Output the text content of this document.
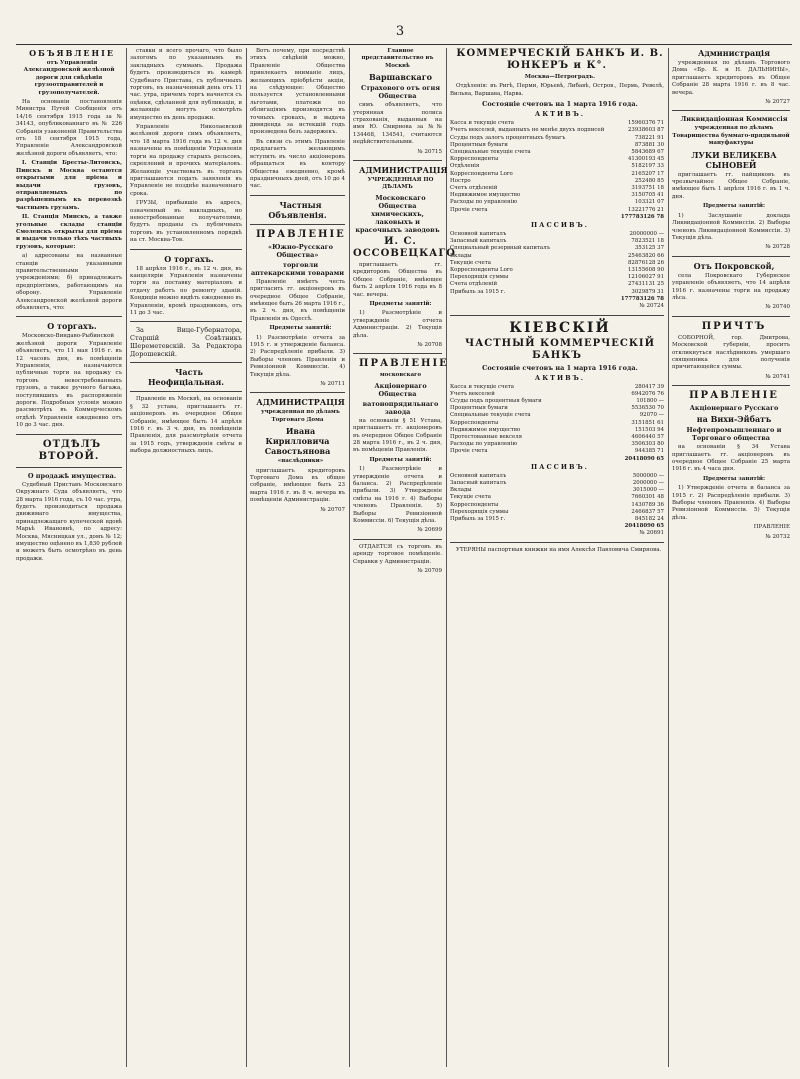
3

ОБЪЯВЛЕНІЕ

отъ Управленія Александровской желѣзной дороги для свѣдѣнія грузоотправителей и грузополучателей.

На основаніи постановленія Министра Путей Сообщенія отъ 14/16 сентября 1915 года за № 34143, опубликованнаго въ № 226 Собранія узаконеній Правительства отъ 18 сентября 1915 года, Управленіе Александровской желѣзной дороги объявляетъ, что:

I. Станціи Бресты-Литовскъ, Пинскъ и Москва остаются открытыми для пріема и выдачи грузовъ, отправляемыхъ по разрѣшеннымъ къ перевозкѣ частнымъ грузамъ.

II. Станція Минскъ, а также угольные склады станціи Смоленскъ открыты для пріема и выдачи только тѣхъ частныхъ грузовъ, которые:

а) адресованы на названные станціи указанными правительственными учрежденіями; б) принадлежатъ предпріятіямъ, работающимъ на оборону. Управленіе Александровской желѣзной дороги объявляетъ, что:

О торгахъ.

Московско-Виндаво-Рыбинской желѣзной дороги Управленіе объявляетъ, что 11 мая 1916 г. въ 12 часовъ дня, въ помѣщеніи Управленія, назначаются публичные торги на продажу съ торговъ невостребованныхъ грузовъ, а также ручного багажа, поступившихъ въ распоряженіе дороги. Подробныя условія можно разсмотрѣть въ Коммерческомъ отдѣлѣ Управленія ежедневно отъ 10 до 3 час. дня.

ОТДѢЛЪ ВТОРОЙ.

О продажѣ имущества.

Судебный Приставъ Московскаго Окружнаго Суда объявляетъ, что 28 марта 1916 года, съ 10 час. утра, будетъ производиться продажа движимаго имущества, принадлежащаго купеческой вдовѣ Марьѣ Ивановнѣ, по адресу: Москва, Мясницкая ул., домъ № 12; имущество оцѣнено въ 1,830 рублей и можетъ быть осмотрѣно въ день продажи.

ставки и всего прочаго, что было залогомъ по указаннымъ въ закладныхъ суммамъ. Продажа будетъ производиться въ камерѣ Судебнаго Пристава, съ публичныхъ торговъ, въ назначенный день отъ 11 час. утра, причемъ торгъ начнется съ оцѣнки, сдѣланной для публикаціи, и желающіе могутъ осмотрѣть имущество въ день продажи.

Управленіе Николаевской желѣзной дороги симъ объявляетъ, что 18 марта 1916 года въ 12 ч. дня назначены въ помѣщеніи Управленія торги на продажу старыхъ рельсовъ, скреплений и прочихъ матеріаловъ. Желающіе участвовать въ торгахъ приглашаются подать заявленія въ Управленіе не позднѣе назначеннаго срока.

ГРУЗЫ, прибывшіе въ адресъ, означенный въ накладныхъ, но невостребованные получателями, будутъ проданы съ публичныхъ торговъ въ установленномъ порядкѣ на ст. Москва-Тов.

О торгахъ.

18 апрѣля 1916 г., въ 12 ч. дня, въ канцеляріи Управленія назначены торги на поставку матеріаловъ и отдачу работъ по ремонту зданій. Кондиціи можно видѣть ежедневно въ Управленіи, кромѣ праздниковъ, отъ 11 до 3 час.

За Вице-Губернатора, Старшій Совѣтникъ Шереметевскій. За Редактора Дорошевскій.

Часть Неофиціальная.

Правленіе въ Москвѣ, на основаніи § 32 устава, приглашаетъ гг. акціонеровъ въ очередное Общее Собраніе, имѣющее быть 14 апрѣля 1916 г. въ 3 ч. дня, въ помѣщеніи Правленія, для разсмотрѣнія отчета за 1915 годъ, утвержденія смѣты и выбора должностныхъ лицъ.

Вотъ почему, при посредствѣ этихъ свѣдѣній можно, Правленіе Общества привлекаетъ вниманіе лицъ, желающихъ пріобрѣсти акціи, на слѣдующее: Общество пользуется установленными льготами, платежи по облигаціямъ производятся въ точныхъ срокахъ, и выдача дивиденда за истекшій годъ произведена безъ задержекъ.

Въ связи съ этимъ Правленіе предлагаетъ желающимъ вступить въ число акціонеровъ обращаться въ контору Общества ежедневно, кромѣ праздничныхъ дней, отъ 10 до 4 час.

Частныя Объявленія.

ПРАВЛЕНІЕ

«Южно-Русскаго Общества»

торговли аптекарскими товарами

Правленіе имѣетъ честь пригласить гг. акціонеровъ въ очередное Общее Собраніе, имѣющее быть 26 марта 1916 г., въ 2 ч. дня, въ помѣщеніи Правленія въ Одессѣ.

Предметы занятій:

1) Разсмотрѣніе отчета за 1915 г. и утвержденіе баланса. 2) Распредѣленіе прибыли. 3) Выборы членовъ Правленія и Ревизіонной Коммиссіи. 4) Текущія дѣла.

№ 20711

АДМИНИСТРАЦІЯ

учрежденная по дѣламъ Торговаго Дома

Ивана Кирилловича Савостьянова

«наслѣдники»

приглашаетъ кредиторовъ Торговаго Дома въ общее собраніе, имѣющее быть 23 марта 1916 г. въ 8 ч. вечера въ помѣщеніи Администраціи.

№ 20707

Главное представительство въ Москвѣ

Варшавскаго

Страхового отъ огня Общества

симъ объявляетъ, что утерянная полиса страхованія, выданныя на имя Ю. Смирнова за №№ 134468, 134541, считаются недѣйствительными.

№ 20715

АДМИНИСТРАЦІЯ

УЧРЕЖДЕННАЯ ПО ДѢЛАМЪ

Московскаго Общества химическихъ, лаковыхъ и красочныхъ заводовъ

И. С. ОССОВЕЦКАГО

приглашаетъ гг. кредиторовъ Общества въ Общее Собраніе, имѣющее быть 2 апрѣля 1916 года въ 8 час. вечера.

Предметы занятій:

1) Разсмотрѣніе и утвержденіе отчета Администраціи. 2) Текущія дѣла.

№ 20708

ПРАВЛЕНІЕ

московскаго

Акціонернаго Общества

ватонопрядильнаго завода

на основаніи § 51 Устава, приглашаетъ гг. акціонеровъ въ очередное Общее Собраніе 28 марта 1916 г., въ 2 ч. дня, въ помѣщеніи Правленія.

Предметы занятій:

1) Разсмотрѣніе и утвержденіе отчета и баланса. 2) Распредѣленіе прибыли. 3) Утвержденіе смѣты на 1916 г. 4) Выборы членовъ Правленія. 5) Выборы Ревизіонной Коммиссіи. 6) Текущія дѣла.

№ 20699

ОТДАЕТСЯ съ торговъ въ аренду торговое помѣщеніе. Справки у Администраціи.

№ 20709

КОММЕРЧЕСКІЙ БАНКЪ И. В. ЮНКЕРЪ и К°.

Москва—Петроградъ.

Отдѣленія: въ Ригѣ, Перми, Юрьевѣ, Либавѣ, Остров., Пермь, Ревелѣ, Вильна, Варшава, Нарва.

Состояніе счетовъ на 1 марта 1916 года.

АКТИВЪ.

Касса и текущіе счета	15960376 71
Учетъ векселей, выданныхъ не менѣе двухъ подписей	23938603 87
Ссуды подъ залогъ процентныхъ бумагъ	738221 91
Процентныя бумаги	873881 30
Специальные текущіе счета	5843689 67
Корреспонденты	41300193 45
Отдѣленія	5182197 33
Корреспонденты Loro	2165207 17
Ностро	252480 85
Счетъ отдѣленій	3193751 18
Недвижимое имущество	3150705 41
Расходы по управленію	103321 07
Прочіе счета	13221776 21
177783126 78

ПАССИВЪ.

Основной капиталъ	20000000 —
Запасный капиталъ	7823521 18
Специальный резервный капиталъ	353125 37
Вклады	25463820 66
Текущіе счета	82876128 26
Корреспонденты Loro	13155608 90
Переходящія суммы	12106027 91
Счета отдѣленій	27431131 25
Прибыль за 1915 г.	3029879 31
177783126 78

№ 20724

КІЕВСКІЙ

ЧАСТНЫЙ КОММЕРЧЕСКІЙ БАНКЪ

Состояніе счетовъ на 1 марта 1916 года.

АКТИВЪ.

Касса и текущіе счета	280417 39
Учетъ векселей	6942076 76
Ссуды подъ процентныя бумаги	101800 —
Процентныя бумаги	5536530 70
Специальные текущіе счета	92070 —
Корреспонденты	3151851 61
Недвижимое имущество	151503 94
Протестованные векселя	4606440 57
Расходы по управленію	3506303 80
Прочіе счета	944385 71
20418090 65

ПАССИВЪ.

Основной капиталъ	5000000 —
Запасный капиталъ	2000000 —
Вклады	3015000 —
Текущіе счета	7660301 48
Корреспонденты	1430789 36
Переходящія суммы	2466837 57
Прибыль за 1915 г.	845182 24
20418090 65

№ 20691

УТЕРЯНЫ паспортныя книжки на имя Алексѣя Павловича Смирнова.

Администрація

учрежденная по дѣламъ Торгового Дома «Бр. К. и Н. ДАЛЬНИНЫ», приглашаетъ кредиторовъ въ Общее Собраніе 28 марта 1916 г. въ 8 час. вечера.

№ 20727

Ликвидаціонная Коммиссія

учрежденная по дѣламъ Товарищества буммаго-прядильной мануфактуры

ЛУКИ ВЕЛИКЕВА СЫНОВЕЙ

приглашаетъ гг. пайщиковъ въ чрезвычайное Общее Собраніе, имѣющее быть 1 апрѣля 1916 г. въ 1 ч. дня.

Предметы занятій:

1) Заслушаніе доклада Ликвидаціонной Коммиссіи. 2) Выборы членовъ Ликвидаціонной Коммиссіи. 3) Текущія дѣла.

№ 20728

Отъ Покровской,

села Покровскаго Губернское управленіе объявляетъ, что 14 апрѣля 1916 г. назначены торги на продажу лѣса.

№ 20740

ПРИЧТЪ

СОБОРНОЙ, гор. Дмитрова, Московской губерніи, проситъ откликнуться наслѣдниковъ умершаго священника для полученія причитающейся суммы.

№ 20741

ПРАВЛЕНІЕ

Акціонернаго Русскаго

на Вихи-Эйбатъ

Нефтепромышленнаго и Торговаго общества

на основаніи § 34 Устава приглашаетъ гг. акціонеровъ въ очередное Общее Собраніе 25 марта 1916 г. въ 4 часа дня.

Предметы занятій:

1) Утвержденіе отчета и баланса за 1915 г. 2) Распредѣленіе прибыли. 3) Выборы членовъ Правленія. 4) Выборы Ревизіонной Коммиссіи. 5) Текущія дѣла.

ПРАВЛЕНІЕ

№ 20732
